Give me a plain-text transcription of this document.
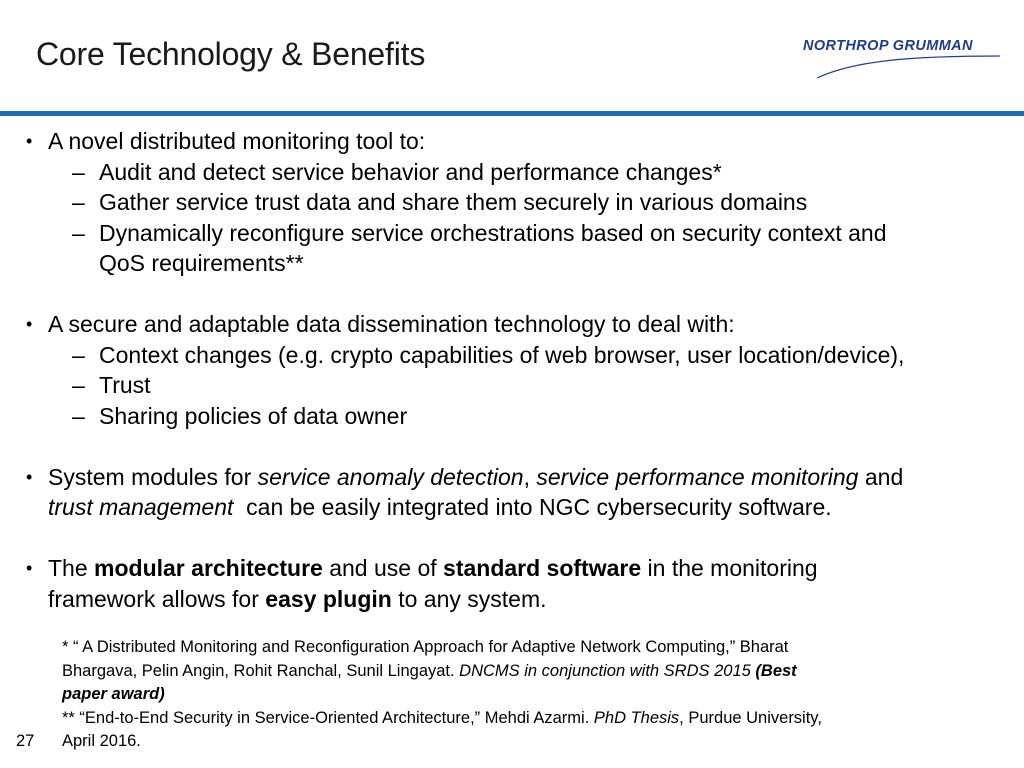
Core Technology & Benefits	NORTHROP GRUMMAN
• A novel distributed monitoring tool to:
– Audit and detect service behavior and performance changes*
– Gather service trust data and share them securely in various domains
– Dynamically reconfigure service orchestrations based on security context and
QoS requirements**
• A secure and adaptable data dissemination technology to deal with:
– Context changes (e.g. crypto capabilities of web browser, user location/device),
– Trust
– Sharing policies of data owner
• System modules for service anomaly detection, service performance monitoring and
trust management  can be easily integrated into NGC cybersecurity software.
• The modular architecture and use of standard software in the monitoring
framework allows for easy plugin to any system.
* “ A Distributed Monitoring and Reconfiguration Approach for Adaptive Network Computing,” Bharat
Bhargava, Pelin Angin, Rohit Ranchal, Sunil Lingayat. DNCMS in conjunction with SRDS 2015 (Best
paper award)
** “End-to-End Security in Service-Oriented Architecture,” Mehdi Azarmi. PhD Thesis, Purdue University,
April 2016.
27
